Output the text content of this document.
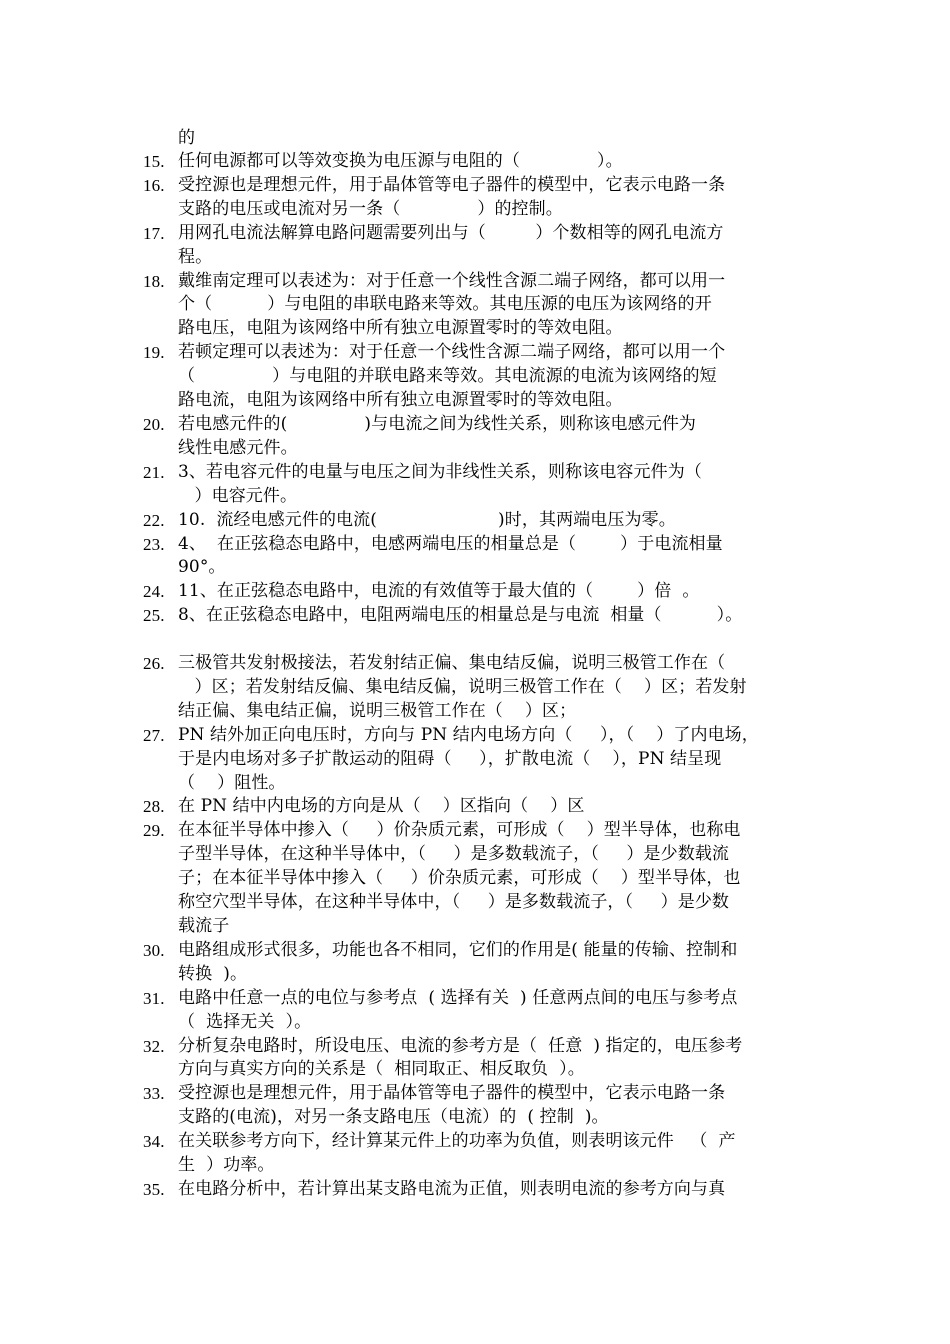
的
15. 任何电源都可以等效变换为电压源与电阻的（              ）。
16. 受控源也是理想元件，用于晶体管等电子器件的模型中，它表示电路一条
支路的电压或电流对另一条（              ）的控制。
17. 用网孔电流法解算电路问题需要列出与（         ）个数相等的网孔电流方
程。
18. 戴维南定理可以表述为：对于任意一个线性含源二端子网络，都可以用一
个（          ）与电阻的串联电路来等效。其电压源的电压为该网络的开
路电压，电阻为该网络中所有独立电源置零时的等效电阻。
19. 若顿定理可以表述为：对于任意一个线性含源二端子网络，都可以用一个
（              ）与电阻的并联电路来等效。其电流源的电流为该网络的短
路电流，电阻为该网络中所有独立电源置零时的等效电阻。
20. 若电感元件的(              )与电流之间为线性关系，则称该电感元件为
线性电感元件。
21. 3、若电容元件的电量与电压之间为非线性关系，则称该电容元件为（
）电容元件。
22. 10.  流经电感元件的电流(                      )时，其两端电压为零。
23. 4、  在正弦稳态电路中，电感两端电压的相量总是（        ）于电流相量
90°。
24. 11、在正弦稳态电路中，电流的有效值等于最大值的（        ）倍  。
25. 8、在正弦稳态电路中，电阻两端电压的相量总是与电流  相量（          ）。
26. 三极管共发射极接法，若发射结正偏、集电结反偏，说明三极管工作在（
）区；若发射结反偏、集电结反偏，说明三极管工作在（    ）区；若发射
结正偏、集电结正偏，说明三极管工作在（    ）区；
27. PN 结外加正向电压时，方向与 PN 结内电场方向（     ），（    ）了内电场，
于是内电场对多子扩散运动的阻碍（     ），扩散电流（    ），PN 结呈现
（    ）阻性。
28. 在 PN 结中内电场的方向是从（    ）区指向（    ）区
29. 在本征半导体中掺入（     ）价杂质元素，可形成（    ）型半导体，也称电
子型半导体，在这种半导体中，（     ）是多数载流子，（     ）是少数载流
子；在本征半导体中掺入（     ）价杂质元素，可形成（    ）型半导体，也
称空穴型半导体，在这种半导体中，（     ）是多数载流子，（     ）是少数
载流子
30. 电路组成形式很多，功能也各不相同，它们的作用是( 能量的传输、控制和
转换  )。
31. 电路中任意一点的电位与参考点  ( 选择有关  ) 任意两点间的电压与参考点
（  选择无关  ）。
32. 分析复杂电路时，所设电压、电流的参考方是（  任意  ) 指定的，电压参考
方向与真实方向的关系是（  相同取正、相反取负  ）。
33. 受控源也是理想元件，用于晶体管等电子器件的模型中，它表示电路一条
支路的(电流)，对另一条支路电压（电流）的  ( 控制  )。
34. 在关联参考方向下，经计算某元件上的功率为负值，则表明该元件   （  产
生  ）功率。
35. 在电路分析中，若计算出某支路电流为正值，则表明电流的参考方向与真
